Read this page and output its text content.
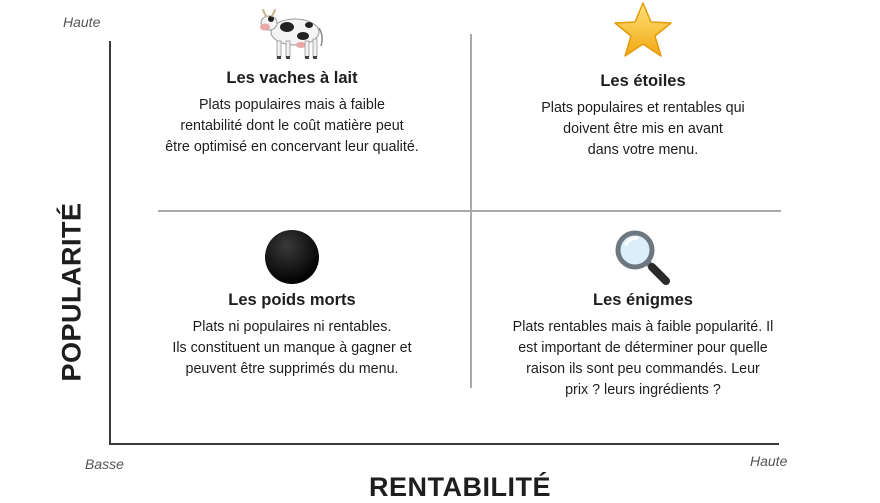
Haute
Basse	Haute
POPULARITÉ
RENTABILITÉ
Les vaches à lait
Plats populaires mais à faible
rentabilité dont le coût matière peut
être optimisé en concervant leur qualité.
Les étoiles
Plats populaires et rentables qui
doivent être mis en avant
dans votre menu.
Les poids morts
Plats ni populaires ni rentables.
Ils constituent un manque à gagner et
peuvent être supprimés du menu.
Les énigmes
Plats rentables mais à faible popularité. Il
est important de déterminer pour quelle
raison ils sont peu commandés. Leur
prix ? leurs ingrédients ?
